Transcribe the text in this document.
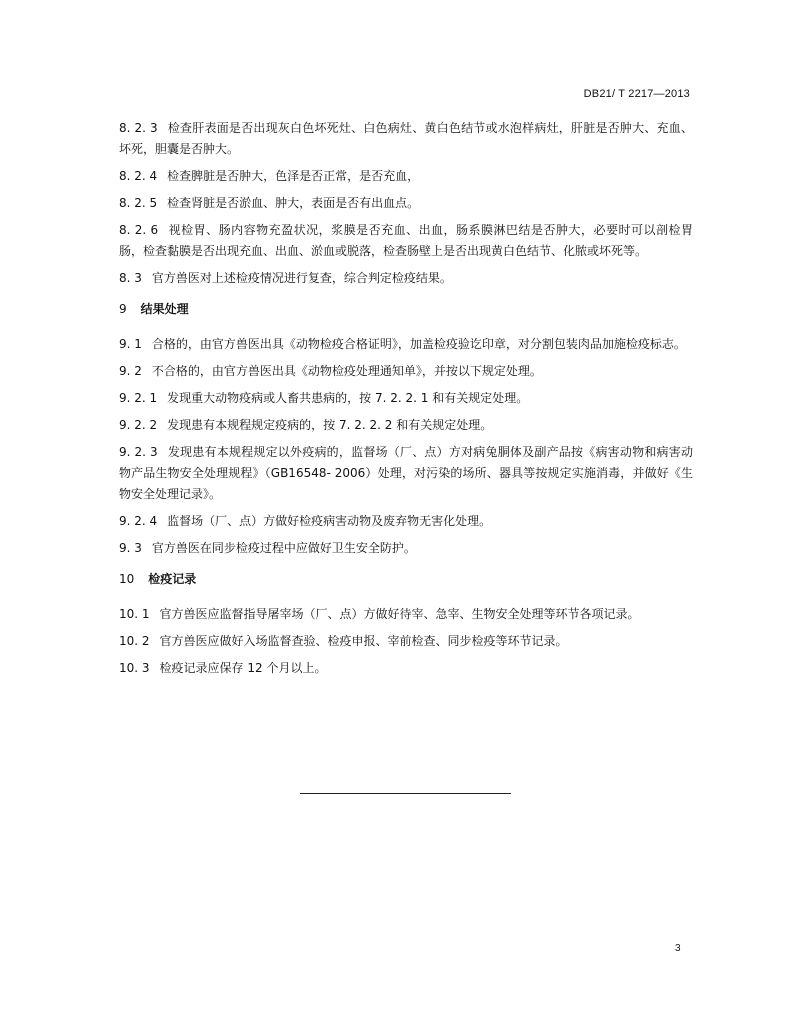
DB21/ T 2217—2013
8. 2. 3 检查肝表面是否出现灰白色坏死灶、白色病灶、黄白色结节或水泡样病灶，肝脏是否肿大、充血、坏死，胆囊是否肿大。
8. 2. 4 检查脾脏是否肿大，色泽是否正常，是否充血，
8. 2. 5 检查肾脏是否淤血、肿大，表面是否有出血点。
8. 2. 6 视检胃、肠内容物充盈状况，浆膜是否充血、出血，肠系膜淋巴结是否肿大，必要时可以剖检胃肠，检查黏膜是否出现充血、出血、淤血或脱落，检查肠壁上是否出现黄白色结节、化脓或坏死等。
8. 3 官方兽医对上述检疫情况进行复查，综合判定检疫结果。
9 结果处理
9. 1 合格的，由官方兽医出具《动物检疫合格证明》，加盖检疫验讫印章，对分割包装肉品加施检疫标志。
9. 2 不合格的，由官方兽医出具《动物检疫处理通知单》，并按以下规定处理。
9. 2. 1 发现重大动物疫病或人畜共患病的，按 7. 2. 2. 1 和有关规定处理。
9. 2. 2 发现患有本规程规定疫病的，按 7. 2. 2. 2 和有关规定处理。
9. 2. 3 发现患有本规程规定以外疫病的，监督场（厂、点）方对病兔胴体及副产品按《病害动物和病害动物产品生物安全处理规程》（GB16548- 2006）处理，对污染的场所、器具等按规定实施消毒，并做好《生物安全处理记录》。
9. 2. 4 监督场（厂、点）方做好检疫病害动物及废弃物无害化处理。
9. 3 官方兽医在同步检疫过程中应做好卫生安全防护。
10 检疫记录
10. 1 官方兽医应监督指导屠宰场（厂、点）方做好待宰、急宰、生物安全处理等环节各项记录。
10. 2 官方兽医应做好入场监督查验、检疫申报、宰前检查、同步检疫等环节记录。
10. 3 检疫记录应保存 12 个月以上。
3
